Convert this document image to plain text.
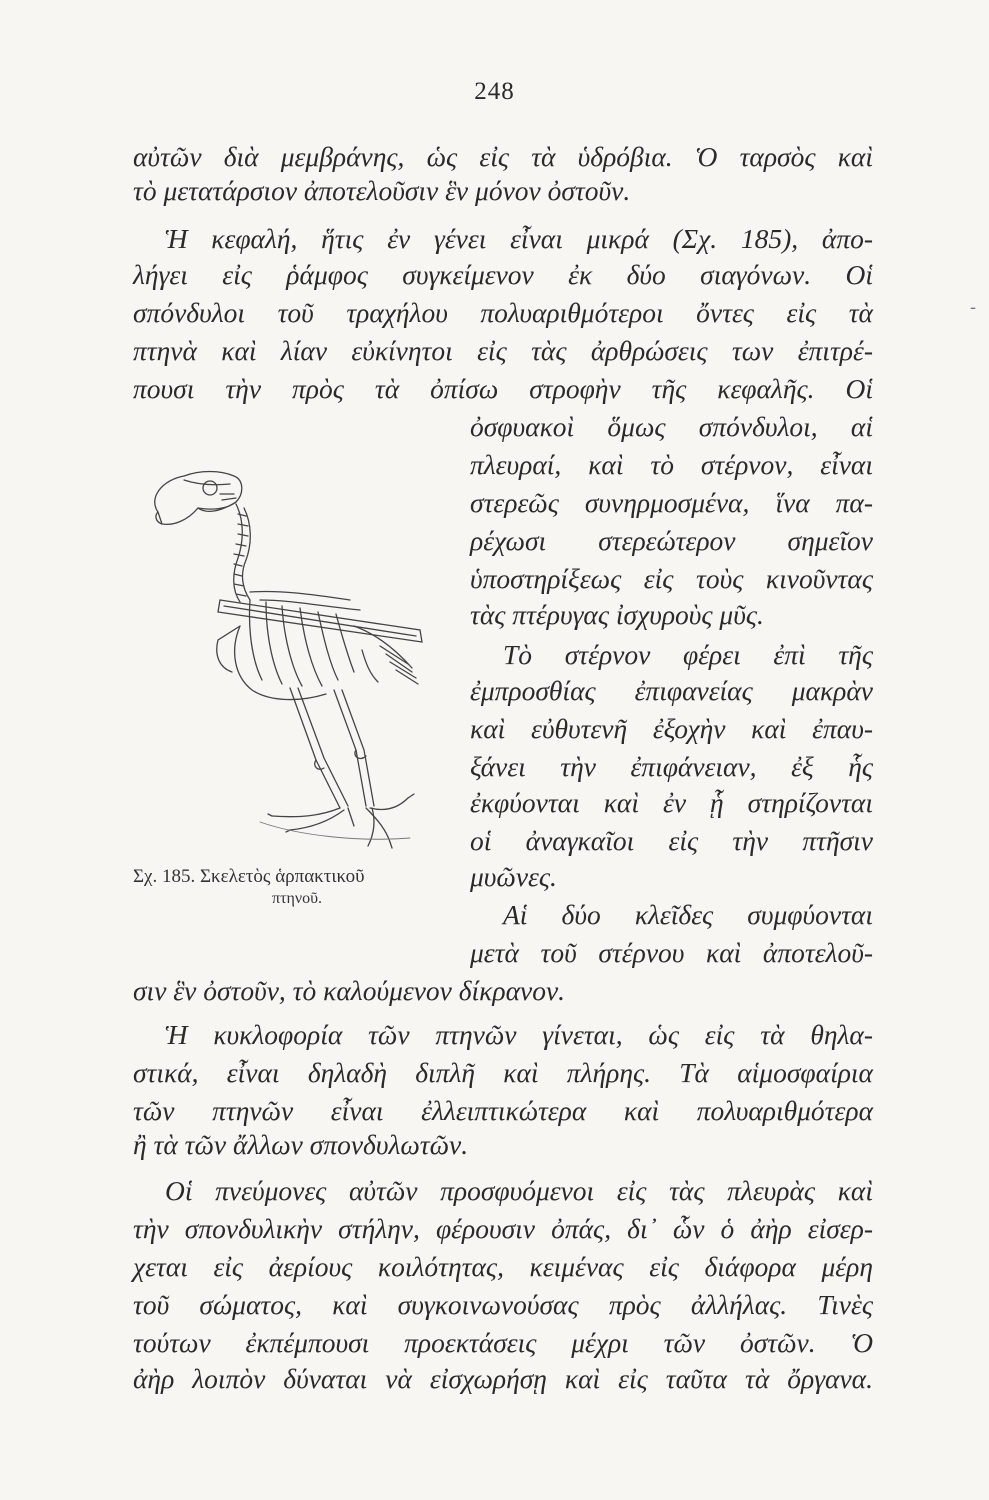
248
αὐτῶν διὰ μεμβράνης, ὡς εἰς τὰ ὑδρόβια. Ὁ ταρσὸς καὶ
τὸ μετατάρσιον ἀποτελοῦσιν ἓν μόνον ὀστοῦν.
Ἡ κεφαλή, ἥτις ἐν γένει εἶναι μικρά (Σχ. 185), ἀπο-
λήγει εἰς ῥάμφος συγκείμενον ἐκ δύο σιαγόνων. Οἱ
σπόνδυλοι τοῦ τραχήλου πολυαριθμότεροι ὄντες εἰς τὰ
πτηνὰ καὶ λίαν εὐκίνητοι εἰς τὰς ἀρθρώσεις των ἐπιτρέ-
πουσι τὴν πρὸς τὰ ὀπίσω στροφὴν τῆς κεφαλῆς. Οἱ
ὀσφυακοὶ ὅμως σπόνδυλοι, αἱ
πλευραί, καὶ τὸ στέρνον, εἶναι
στερεῶς συνηρμοσμένα, ἵνα πα-
ρέχωσι στερεώτερον σημεῖον
ὑποστηρίξεως εἰς τοὺς κινοῦντας
τὰς πτέρυγας ἰσχυροὺς μῦς.
Τὸ στέρνον φέρει ἐπὶ τῆς
ἐμπροσθίας ἐπιφανείας μακρὰν
καὶ εὐθυτενῆ ἐξοχὴν καὶ ἐπαυ-
ξάνει τὴν ἐπιφάνειαν, ἐξ ἧς
ἐκφύονται καὶ ἐν ᾗ στηρίζονται
οἱ ἀναγκαῖοι εἰς τὴν πτῆσιν
μυῶνες.
Αἱ δύο κλεῖδες συμφύονται
μετὰ τοῦ στέρνου καὶ ἀποτελοῦ-
Σχ. 185. Σκελετὸς ἁρπακτικοῦ
πτηνοῦ.
σιν ἓν ὀστοῦν, τὸ καλούμενον δίκρανον.
Ἡ κυκλοφορία τῶν πτηνῶν γίνεται, ὡς εἰς τὰ θηλα-
στικά, εἶναι δηλαδὴ διπλῆ καὶ πλήρης. Τὰ αἱμοσφαίρια
τῶν πτηνῶν εἶναι ἐλλειπτικώτερα καὶ πολυαριθμότερα
ἢ τὰ τῶν ἄλλων σπονδυλωτῶν.
Οἱ πνεύμονες αὐτῶν προσφυόμενοι εἰς τὰς πλευρὰς καὶ
τὴν σπονδυλικὴν στήλην, φέρουσιν ὀπάς, δι᾽ ὧν ὁ ἀὴρ εἰσερ-
χεται εἰς ἀερίους κοιλότητας, κειμένας εἰς διάφορα μέρη
τοῦ σώματος, καὶ συγκοινωνούσας πρὸς ἀλλήλας. Τινὲς
τούτων ἐκπέμπουσι προεκτάσεις μέχρι τῶν ὀστῶν. Ὁ
ἀὴρ λοιπὸν δύναται νὰ εἰσχωρήσῃ καὶ εἰς ταῦτα τὰ ὄργανα.
-
